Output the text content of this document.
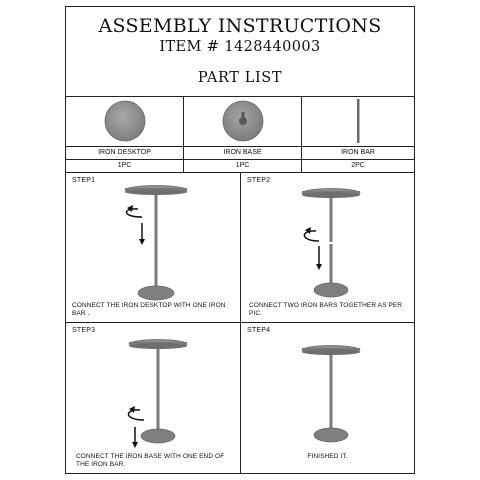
ASSEMBLY INSTRUCTIONS
ITEM # 1428440003
PART LIST
IRON DESKTOP
1PC
IRON BASE
1PC
IRON BAR
2PC
STEP1
CONNECT THE IRON DESKTOP WITH ONE IRON BAR .
STEP2
CONNECT TWO IRON BARS TOGETHER AS PER PIC.
STEP3
CONNECT THE IRON BASE WITH ONE END OF THE IRON BAR.
STEP4
FINISHED IT.
